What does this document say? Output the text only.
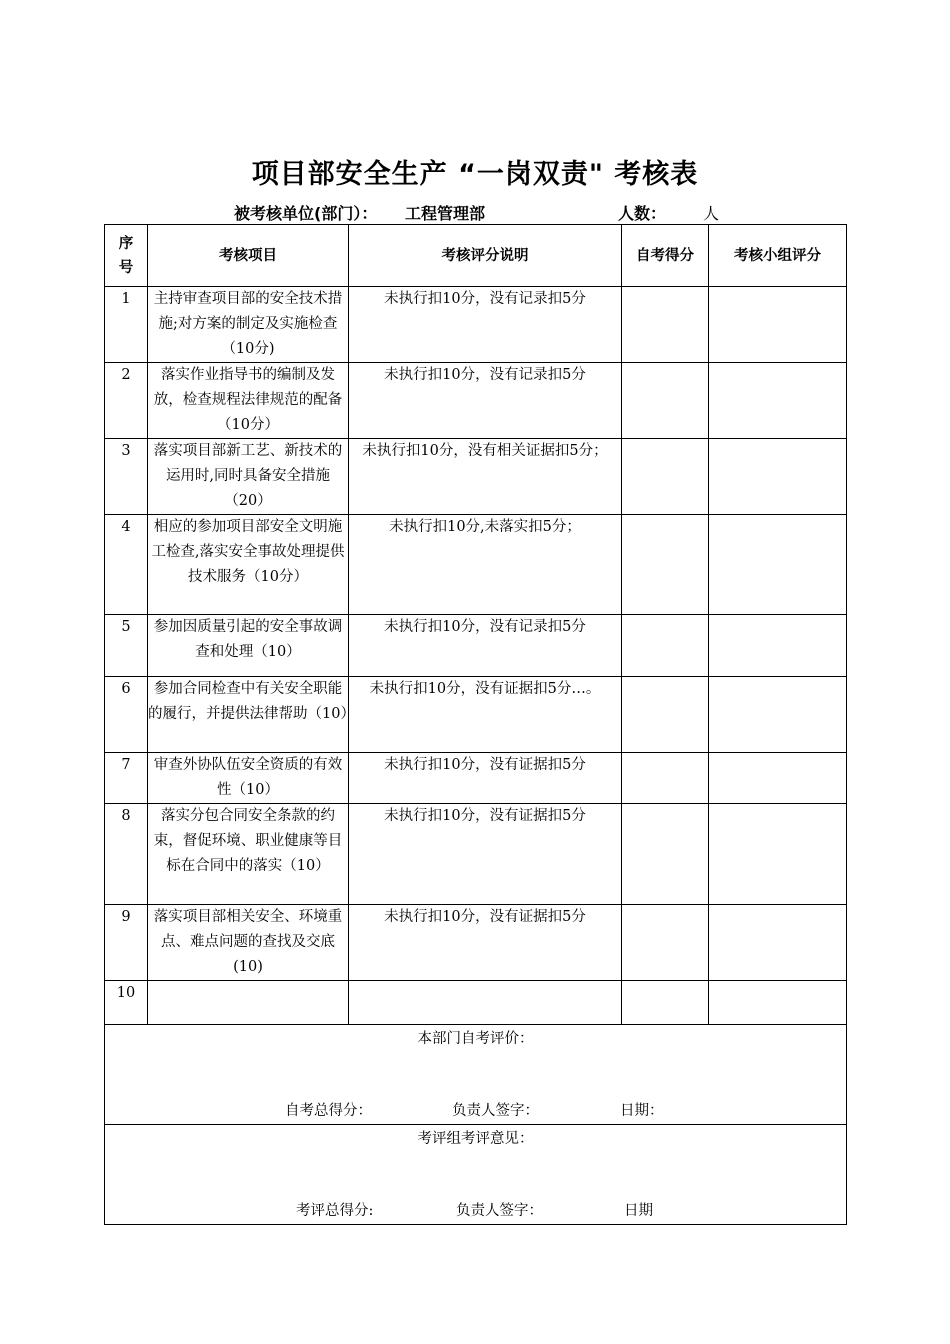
项目部安全生产 “一岗双责" 考核表
被考核单位(部门）： 工程管理部	人数： 人
序号	考核项目	考核评分说明	自考得分	考核小组评分
1	主持审查项目部的安全技术措施;对方案的制定及实施检查（10分)	未执行扣10分，没有记录扣5分		
2	落实作业指导书的编制及发放，检查规程法律规范的配备（10分）	未执行扣10分，没有记录扣5分		
3	落实项目部新工艺、新技术的运用时,同时具备安全措施（20）	未执行扣10分，没有相关证据扣5分；		
4	相应的参加项目部安全文明施工检查,落实安全事故处理提供技术服务（10分）	未执行扣10分,未落实扣5分；		
5	参加因质量引起的安全事故调查和处理（10）	未执行扣10分，没有记录扣5分		
6	参加合同检查中有关安全职能的履行，并提供法律帮助（10）	未执行扣10分，没有证据扣5分…。		
7	审查外协队伍安全资质的有效性（10）	未执行扣10分，没有证据扣5分		
8	落实分包合同安全条款的约束，督促环境、职业健康等目标在合同中的落实（10）	未执行扣10分，没有证据扣5分		
9	落实项目部相关安全、环境重点、难点问题的查找及交底(10)	未执行扣10分，没有证据扣5分		
10				

本部门自考评价：
自考总得分： 负责人签字： 日期：				

考评组考评意见：
考评总得分: 负责人签字： 日期				
